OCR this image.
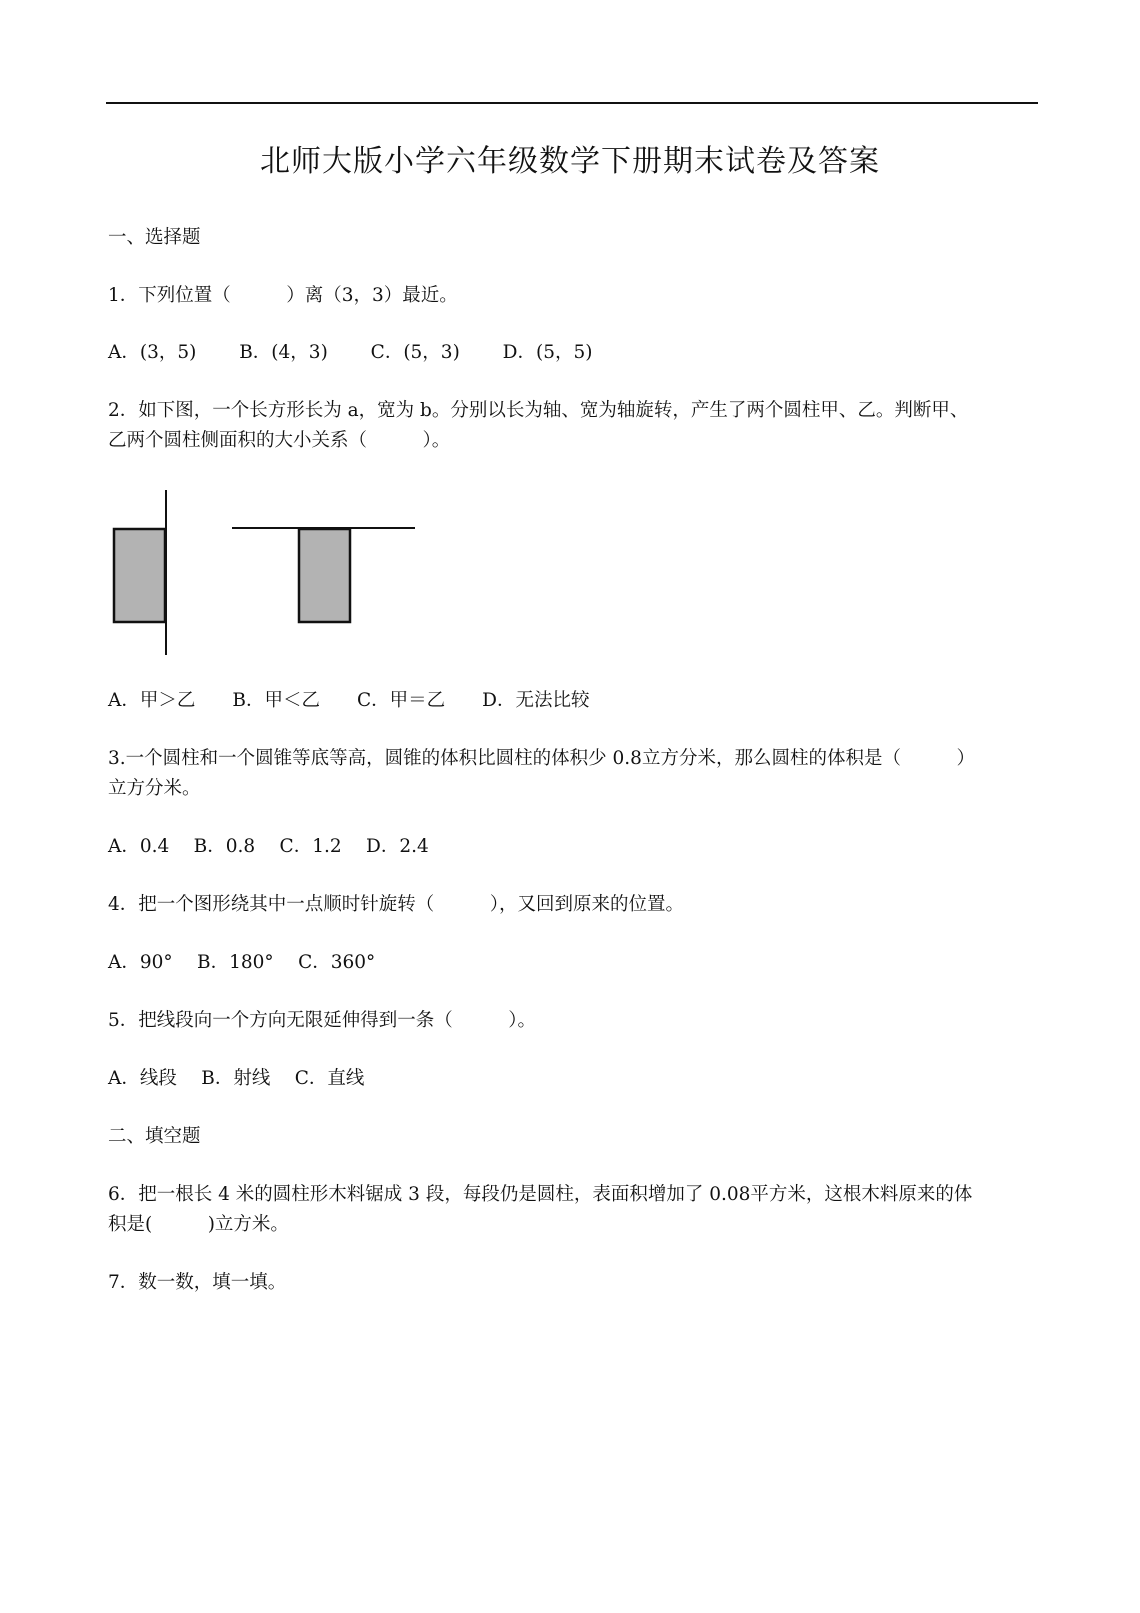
北师大版小学六年级数学下册期末试卷及答案
一、选择题
1．下列位置（　　　）离（3，3）最近。
A．(3，5)　　 B．(4，3)　　 C．(5，3)　　 D．(5，5)
2．如下图，一个长方形长为 a，宽为 b。分别以长为轴、宽为轴旋转，产生了两个圆柱甲、乙。判断甲、
乙两个圆柱侧面积的大小关系（　　　）。
A．甲＞乙　　B．甲＜乙　　C．甲＝乙　　D．无法比较
3.一个圆柱和一个圆锥等底等高，圆锥的体积比圆柱的体积少 0.8立方分米，那么圆柱的体积是（　　　）
立方分米。
A．0.4　 B．0.8　 C．1.2　 D．2.4
4．把一个图形绕其中一点顺时针旋转（　　　），又回到原来的位置。
A．90°　 B．180°　 C．360°
5．把线段向一个方向无限延伸得到一条（　　　）。
A．线段　 B．射线　 C．直线
二、填空题
6．把一根长 4 米的圆柱形木料锯成 3 段，每段仍是圆柱，表面积增加了 0.08平方米，这根木料原来的体
积是(　　　)立方米。
7．数一数，填一填。
